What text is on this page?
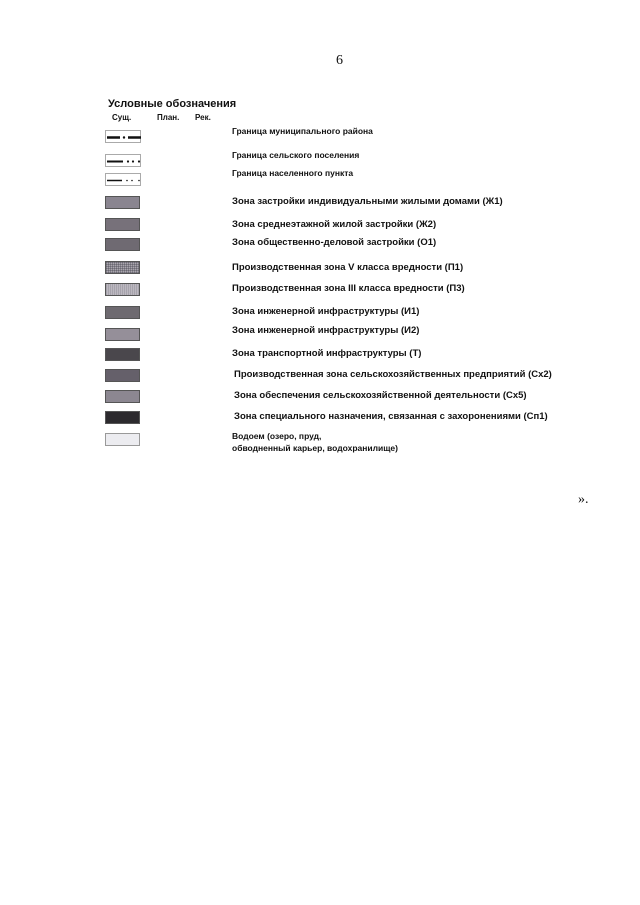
6
Условные обозначения
Сущ.	План. Рек.
Граница муниципального района
Граница сельского поселения
Граница населенного пункта
Зона застройки индивидуальными жилыми домами (Ж1)
Зона среднеэтажной жилой застройки (Ж2)
Зона общественно-деловой застройки (О1)
Производственная зона V класса вредности (П1)
Производственная зона III класса вредности (П3)
Зона инженерной инфраструктуры (И1)
Зона инженерной инфраструктуры (И2)
Зона транспортной инфраструктуры (Т)
Производственная зона сельскохозяйственных предприятий (Сх2)
Зона обеспечения сельскохозяйственной деятельности (Сх5)
Зона специального назначения, связанная с захоронениями (Сп1)
Водоем (озеро, пруд,
обводненный карьер, водохранилище)
».
